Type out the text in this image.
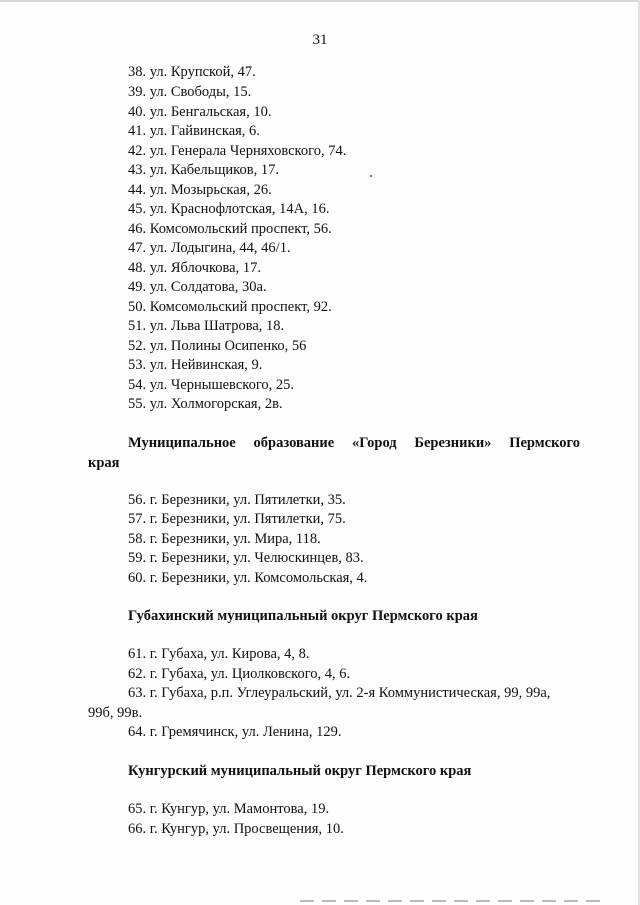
31
38. ул. Крупской, 47.
39. ул. Свободы, 15.
40. ул. Бенгальская, 10.
41. ул. Гайвинская, 6.
42. ул. Генерала Черняховского, 74.
43. ул. Кабельщиков, 17.
44. ул. Мозырьская, 26.
45. ул. Краснофлотская, 14А, 16.
46. Комсомольский проспект, 56.
47. ул. Лодыгина, 44, 46/1.
48. ул. Яблочкова, 17.
49. ул. Солдатова, 30а.
50. Комсомольский проспект, 92.
51. ул. Льва Шатрова, 18.
52. ул. Полины Осипенко, 56
53. ул. Нейвинская, 9.
54. ул. Чернышевского, 25.
55. ул. Холмогорская, 2в.
Муниципальное образование «Город Березники» Пермского
края
56. г. Березники, ул. Пятилетки, 35.
57. г. Березники, ул. Пятилетки, 75.
58. г. Березники, ул. Мира, 118.
59. г. Березники, ул. Челюскинцев, 83.
60. г. Березники, ул. Комсомольская, 4.
Губахинский муниципальный округ Пермского края
61. г. Губаха, ул. Кирова, 4, 8.
62. г. Губаха, ул. Циолковского, 4, 6.
63. г. Губаха, р.п. Углеуральский, ул. 2-я Коммунистическая, 99, 99а,
99б, 99в.
64. г. Гремячинск, ул. Ленина, 129.
Кунгурский муниципальный округ Пермского края
65. г. Кунгур, ул. Мамонтова, 19.
66. г. Кунгур, ул. Просвещения, 10.
